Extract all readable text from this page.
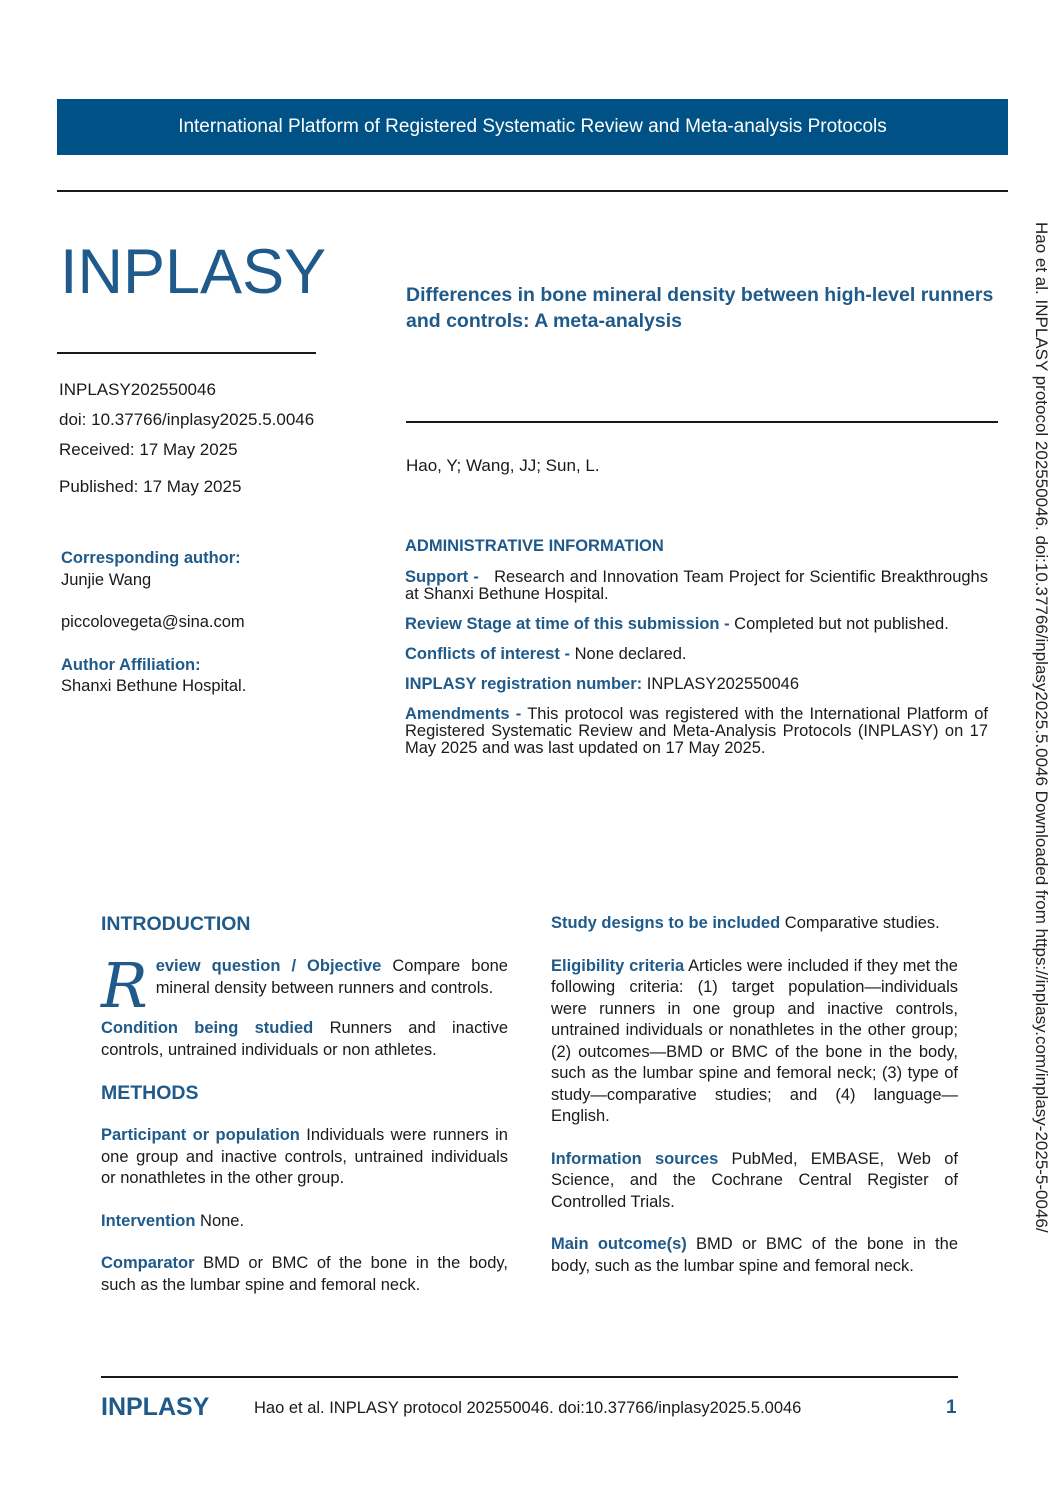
International Platform of Registered Systematic Review and Meta-analysis Protocols
INPLASY	Differences in bone mineral density between high-level runners and controls: A meta-analysis
INPLASY202550046
doi: 10.37766/inplasy2025.5.0046
Received: 17 May 2025
Published: 17 May 2025
Hao, Y; Wang, JJ; Sun, L.
Corresponding author:
Junjie Wang
piccolovegeta@sina.com
Author Affiliation:
Shanxi Bethune Hospital.
ADMINISTRATIVE INFORMATION

Support - Research and Innovation Team Project for Scientific Breakthroughs at Shanxi Bethune Hospital.

Review Stage at time of this submission - Completed but not published.

Conflicts of interest - None declared.

INPLASY registration number: INPLASY202550046

Amendments - This protocol was registered with the International Platform of Registered Systematic Review and Meta-Analysis Protocols (INPLASY) on 17 May 2025 and was last updated on 17 May 2025.

INTRODUCTION

Review question / Objective Compare bone mineral density between runners and controls.

Condition being studied Runners and inactive controls, untrained individuals or non athletes.

METHODS

Participant or population Individuals were runners in one group and inactive controls, untrained individuals or nonathletes in the other group.

Intervention None.

Comparator BMD or BMC of the bone in the body, such as the lumbar spine and femoral neck.

Study designs to be included Comparative studies.

Eligibility criteria Articles were included if they met the following criteria: (1) target population—individuals were runners in one group and inactive controls, untrained individuals or nonathletes in the other group; (2) outcomes—BMD or BMC of the bone in the body, such as the lumbar spine and femoral neck; (3) type of study—comparative studies; and (4) language—English.

Information sources PubMed, EMBASE, Web of Science, and the Cochrane Central Register of Controlled Trials.

Main outcome(s) BMD or BMC of the bone in the body, such as the lumbar spine and femoral neck.

Hao et al. INPLASY protocol 202550046. doi:10.37766/inplasy2025.5.0046 Downloaded from https://inplasy.com/inplasy-2025-5-0046/
INPLASY	Hao et al. INPLASY protocol 202550046. doi:10.37766/inplasy2025.5.0046	1
